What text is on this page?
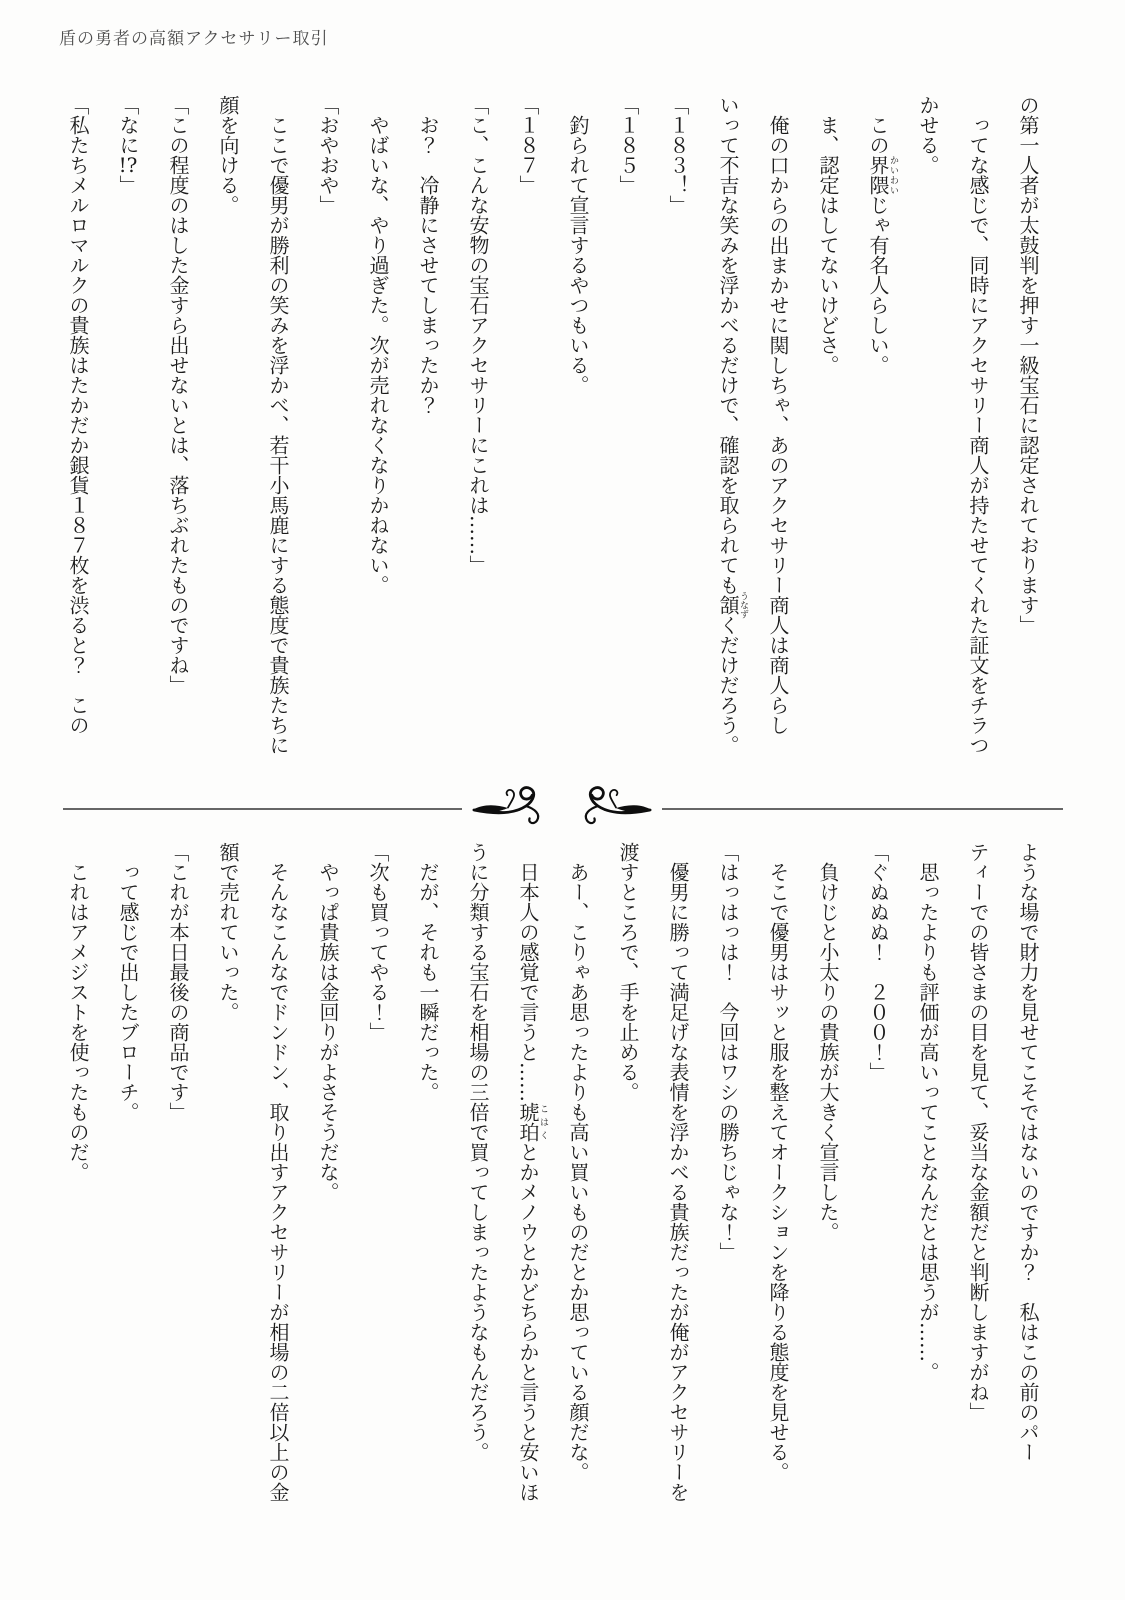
盾の勇者の高額アクセサリー取引

の第一人者が太鼓判を押す一級宝石に認定されております」

ってな感じで、同時にアクセサリー商人が持たせてくれた証文をチラつかせる。

この界隈かいわいじゃ有名人らしい。

ま、認定はしてないけどさ。

俺の口からの出まかせに関しちゃ、あのアクセサリー商人は商人らしいって不吉な笑みを浮かべるだけで、確認を取られても頷うなずくだけだろう。

「１８３！」

「１８５」

釣られて宣言するやつもいる。

「１８７」

「こ、こんな安物の宝石アクセサリーにこれは……」

お？　冷静にさせてしまったか？

やばいな、やり過ぎた。次が売れなくなりかねない。

「おやおや」

ここで優男が勝利の笑みを浮かべ、若干小馬鹿にする態度で貴族たちに顔を向ける。

「この程度のはした金すら出せないとは、落ちぶれたものですね」

「なに!?」

「私たちメルロマルクの貴族はたかだか銀貨１８７枚を渋ると？　この

ような場で財力を見せてこそではないのですか？　私はこの前のパーティーでの皆さまの目を見て、妥当な金額だと判断しますがね」

思ったよりも評価が高いってことなんだとは思うが……。

「ぐぬぬぬ！　２００！」

負けじと小太りの貴族が大きく宣言した。

そこで優男はサッと服を整えてオークションを降りる態度を見せる。

「はっはっは！　今回はワシの勝ちじゃな！」

優男に勝って満足げな表情を浮かべる貴族だったが俺がアクセサリーを渡すところで、手を止める。

あー、こりゃあ思ったよりも高い買いものだとか思っている顔だな。

日本人の感覚で言うと……琥珀こはくとかメノウとかどちらかと言うと安いほうに分類する宝石を相場の三倍で買ってしまったようなもんだろう。

だが、それも一瞬だった。

「次も買ってやる！」

やっぱ貴族は金回りがよさそうだな。

そんなこんなでドンドン、取り出すアクセサリーが相場の二倍以上の金額で売れていった。

「これが本日最後の商品です」

って感じで出したブローチ。

これはアメジストを使ったものだ。
